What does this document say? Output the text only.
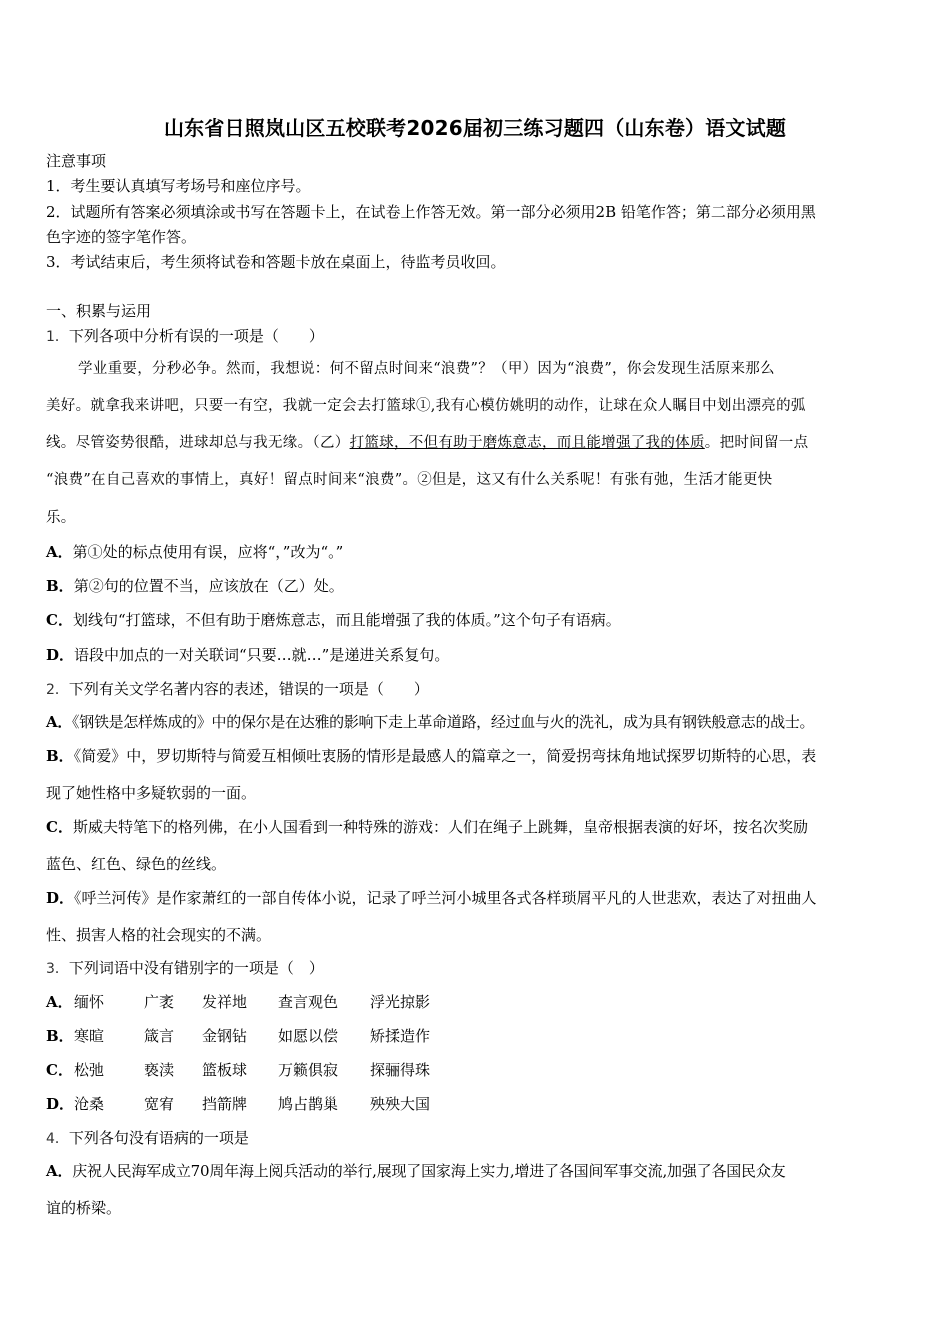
山东省日照岚山区五校联考2026届初三练习题四（山东卷）语文试题
注意事项
1．考生要认真填写考场号和座位序号。
2．试题所有答案必须填涂或书写在答题卡上，在试卷上作答无效。第一部分必须用2B 铅笔作答；第二部分必须用黑
色字迹的签字笔作答。
3．考试结束后，考生须将试卷和答题卡放在桌面上，待监考员收回。
一、积累与运用
1．下列各项中分析有误的一项是（　　）
学业重要，分秒必争。然而，我想说：何不留点时间来“浪费”？（甲）因为“浪费”，你会发现生活原来那么
美好。就拿我来讲吧，只要一有空，我就一定会去打篮球①,我有心模仿姚明的动作，让球在众人瞩目中划出漂亮的弧
线。尽管姿势很酷，进球却总与我无缘。（乙）打篮球，不但有助于磨炼意志，而且能增强了我的体质。把时间留一点
“浪费”在自己喜欢的事情上，真好！留点时间来“浪费”。②但是，这又有什么关系呢！有张有弛，生活才能更快
乐。
A．第①处的标点使用有误，应将“，”改为“。”
B．第②句的位置不当，应该放在（乙）处。
C．划线句“打篮球，不但有助于磨炼意志，而且能增强了我的体质。”这个句子有语病。
D．语段中加点的一对关联词“只要…就…”是递进关系复句。
2．下列有关文学名著内容的表述，错误的一项是（　　）
A．《钢铁是怎样炼成的》中的保尔是在达雅的影响下走上革命道路，经过血与火的洗礼，成为具有钢铁般意志的战士。
B．《简爱》中，罗切斯特与简爱互相倾吐衷肠的情形是最感人的篇章之一，简爱拐弯抹角地试探罗切斯特的心思，表
现了她性格中多疑软弱的一面。
C．斯威夫特笔下的格列佛，在小人国看到一种特殊的游戏：人们在绳子上跳舞，皇帝根据表演的好坏，按名次奖励
蓝色、红色、绿色的丝线。
D．《呼兰河传》是作家萧红的一部自传体小说，记录了呼兰河小城里各式各样琐屑平凡的人世悲欢，表达了对扭曲人
性、损害人格的社会现实的不满。
3．下列词语中没有错别字的一项是（　）
A．缅怀	广袤 发祥地 查言观色 浮光掠影
B．寒暄	箴言 金钢钻 如愿以偿 矫揉造作
C．松弛	亵渎 篮板球 万籁俱寂 探骊得珠
D．沧桑	宽宥 挡箭牌 鸠占鹊巢 殃殃大国
4．下列各句没有语病的一项是
A．庆祝人民海军成立70周年海上阅兵活动的举行,展现了国家海上实力,增进了各国间军事交流,加强了各国民众友
谊的桥梁。
